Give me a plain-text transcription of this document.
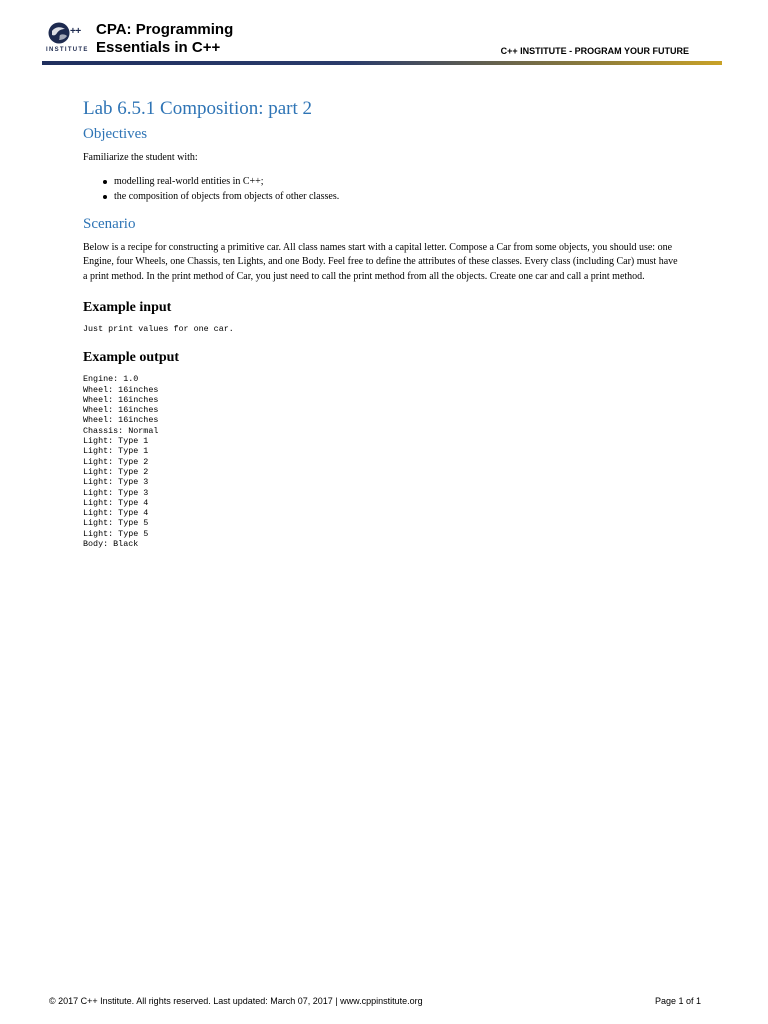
++
INSTITUTE
CPA: Programming
Essentials in C++	C++ INSTITUTE - PROGRAM YOUR FUTURE
Lab 6.5.1 Composition: part 2
Objectives

Familiarize the student with:

modelling real-world entities in C++;
the composition of objects from objects of other classes.
Scenario

Below is a recipe for constructing a primitive car. All class names start with a capital letter. Compose a Car from some objects, you should use: one Engine, four Wheels, one Chassis, ten Lights, and one Body. Feel free to define the attributes of these classes. Every class (including Car) must have a print method. In the print method of Car, you just need to call the print method from all the objects. Create one car and call a print method.

Example input
Just print values for one car.
Example output
Engine: 1.0
Wheel: 16inches
Wheel: 16inches
Wheel: 16inches
Wheel: 16inches
Chassis: Normal
Light: Type 1
Light: Type 1
Light: Type 2
Light: Type 2
Light: Type 3
Light: Type 3
Light: Type 4
Light: Type 4
Light: Type 5
Light: Type 5
Body: Black
© 2017 C++ Institute. All rights reserved. Last updated: March 07, 2017 | www.cppinstitute.org	Page 1 of 1
